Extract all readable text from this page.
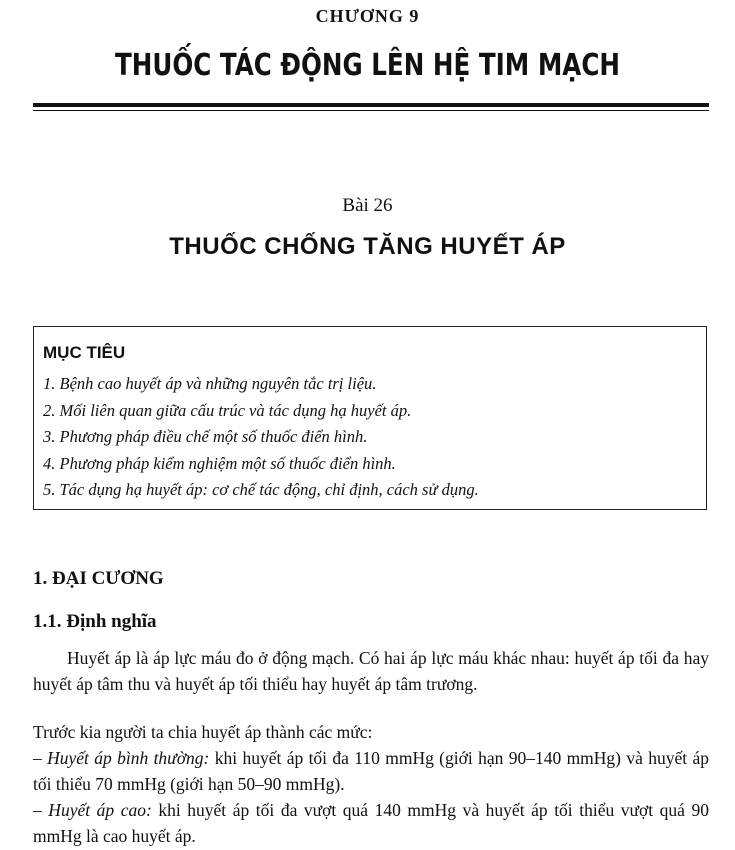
CHƯƠNG 9
THUỐC TÁC ĐỘNG LÊN HỆ TIM MẠCH
Bài 26
THUỐC CHỐNG TĂNG HUYẾT ÁP
MỤC TIÊU
1. Bệnh cao huyết áp và những nguyên tắc trị liệu.
2. Mối liên quan giữa cấu trúc và tác dụng hạ huyết áp.
3. Phương pháp điều chế một số thuốc điển hình.
4. Phương pháp kiểm nghiệm một số thuốc điển hình.
5. Tác dụng hạ huyết áp: cơ chế tác động, chỉ định, cách sử dụng.
1. ĐẠI CƯƠNG
1.1. Định nghĩa
Huyết áp là áp lực máu đo ở động mạch. Có hai áp lực máu khác nhau: huyết áp tối đa hay huyết áp tâm thu và huyết áp tối thiểu hay huyết áp tâm trương.
Trước kia người ta chia huyết áp thành các mức:
– Huyết áp bình thường: khi huyết áp tối đa 110 mmHg (giới hạn 90–140 mmHg) và huyết áp tối thiểu 70 mmHg (giới hạn 50–90 mmHg).
– Huyết áp cao: khi huyết áp tối đa vượt quá 140 mmHg và huyết áp tối thiểu vượt quá 90 mmHg là cao huyết áp.
